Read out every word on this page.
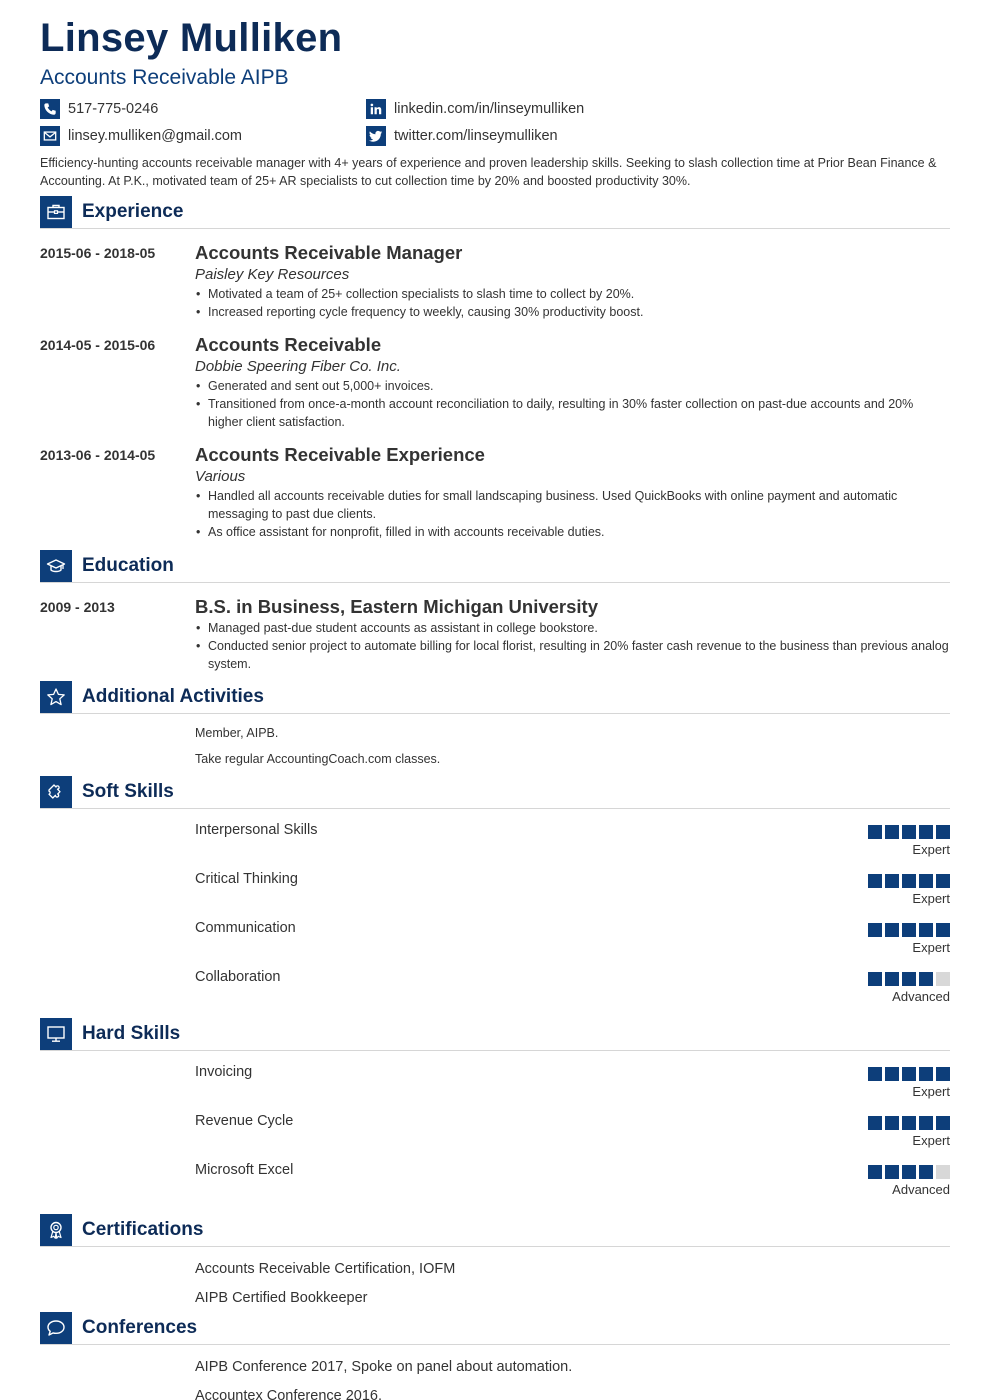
Linsey Mulliken
Accounts Receivable AIPB
517-775-0246	linkedin.com/in/linseymulliken
linsey.mulliken@gmail.com	twitter.com/linseymulliken
Efficiency-hunting accounts receivable manager with 4+ years of experience and proven leadership skills. Seeking to slash collection time at Prior Bean Finance & Accounting. At P.K., motivated team of 25+ AR specialists to cut collection time by 20% and boosted productivity 30%.
Experience
2015-06 - 2018-05	Accounts Receivable Manager
Paisley Key Resources
• Motivated a team of 25+ collection specialists to slash time to collect by 20%.
• Increased reporting cycle frequency to weekly, causing 30% productivity boost.
2014-05 - 2015-06	Accounts Receivable
Dobbie Speering Fiber Co. Inc.
• Generated and sent out 5,000+ invoices.
• Transitioned from once-a-month account reconciliation to daily, resulting in 30% faster collection on past-due accounts and 20% higher client satisfaction.
2013-06 - 2014-05	Accounts Receivable Experience
Various
• Handled all accounts receivable duties for small landscaping business. Used QuickBooks with online payment and automatic messaging to past due clients.
• As office assistant for nonprofit, filled in with accounts receivable duties.
Education
2009 - 2013	B.S. in Business, Eastern Michigan University
• Managed past-due student accounts as assistant in college bookstore.
• Conducted senior project to automate billing for local florist, resulting in 20% faster cash revenue to the business than previous analog system.
Additional Activities
Member, AIPB.
Take regular AccountingCoach.com classes.
Soft Skills
Interpersonal Skills
Expert
Critical Thinking
Expert
Communication
Expert
Collaboration
Advanced
Hard Skills
Invoicing
Expert
Revenue Cycle
Expert
Microsoft Excel
Advanced
Certifications
Accounts Receivable Certification, IOFM
AIPB Certified Bookkeeper
Conferences
AIPB Conference 2017, Spoke on panel about automation.
Accountex Conference 2016.
